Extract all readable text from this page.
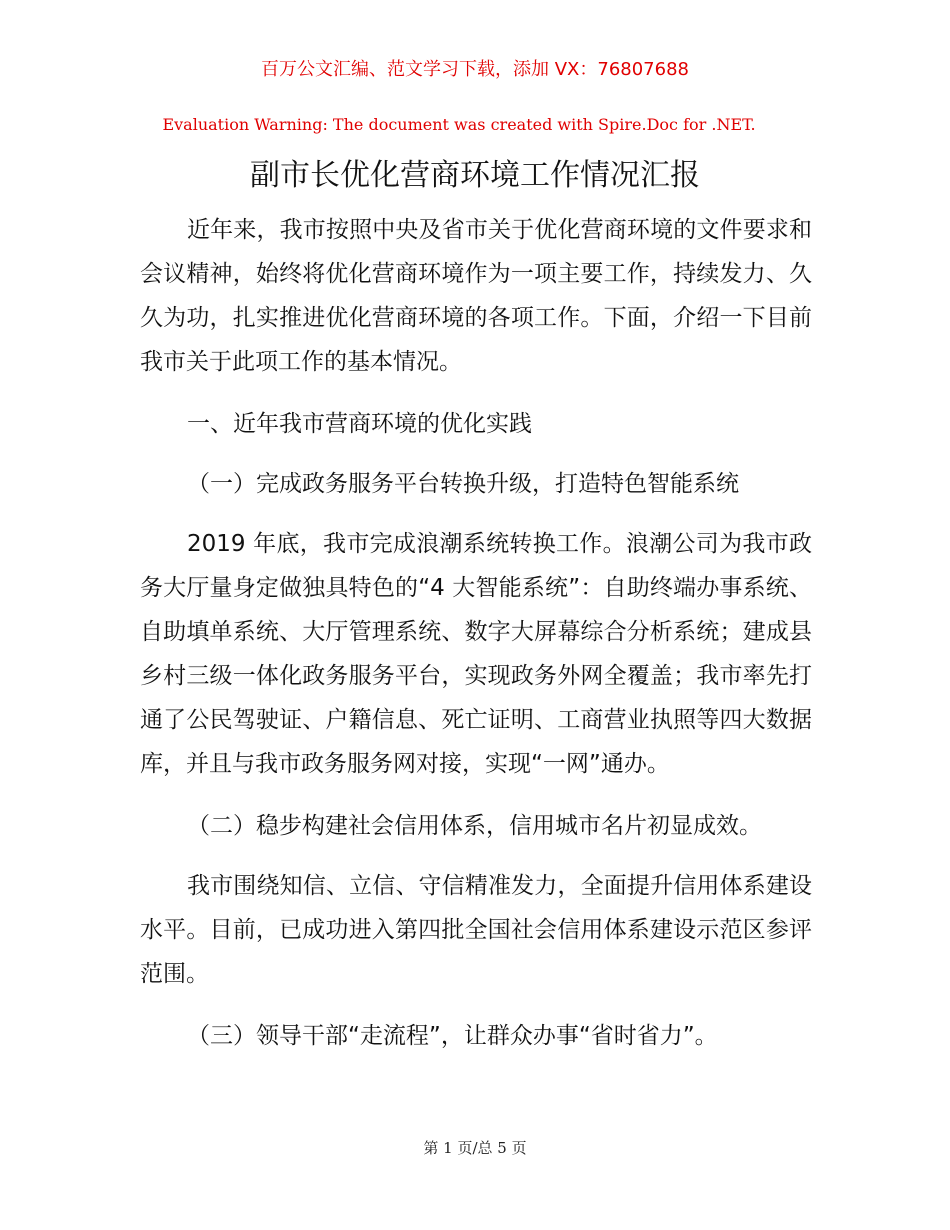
百万公文汇编、范文学习下载，添加 VX：76807688
Evaluation Warning: The document was created with Spire.Doc for .NET.
副市长优化营商环境工作情况汇报

近年来，我市按照中央及省市关于优化营商环境的文件要求和会议精神，始终将优化营商环境作为一项主要工作，持续发力、久久为功，扎实推进优化营商环境的各项工作。下面，介绍一下目前我市关于此项工作的基本情况。

一、近年我市营商环境的优化实践

（一）完成政务服务平台转换升级，打造特色智能系统

2019 年底，我市完成浪潮系统转换工作。浪潮公司为我市政务大厅量身定做独具特色的“4 大智能系统”：自助终端办事系统、自助填单系统、大厅管理系统、数字大屏幕综合分析系统；建成县乡村三级一体化政务服务平台，实现政务外网全覆盖；我市率先打通了公民驾驶证、户籍信息、死亡证明、工商营业执照等四大数据库，并且与我市政务服务网对接，实现“一网”通办。

（二）稳步构建社会信用体系，信用城市名片初显成效。

我市围绕知信、立信、守信精准发力，全面提升信用体系建设水平。目前，已成功进入第四批全国社会信用体系建设示范区参评范围。

（三）领导干部“走流程”，让群众办事“省时省力”。

第 1 页/总 5 页
